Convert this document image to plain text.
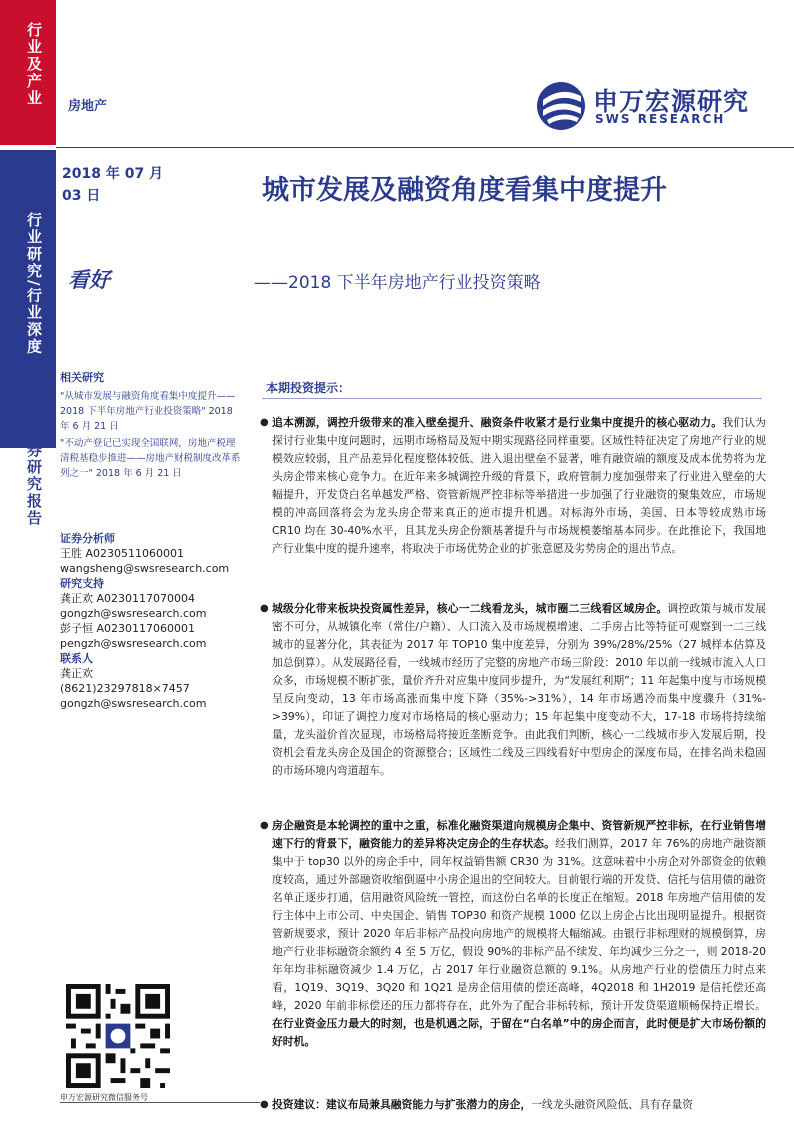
行业及产业
行业研究/行业深度
证券研究报告
房地产	申万宏源研究
SWS RESEARCH
2018 年 07 月 03 日	城市发展及融资角度看集中度提升
看好	——2018 下半年房地产行业投资策略
相关研究
"从城市发展与融资角度看集中度提升——2018 下半年房地产行业投资策略" 2018 年 6 月 21 日
"不动产登记已实现全国联网，房地产税理清税基稳步推进——房地产财税制度改革系列之一" 2018 年 6 月 21 日
证券分析师
王胜 A0230511060001
wangsheng@swsresearch.com
研究支持
龚正欢 A0230117070004
gongzh@swsresearch.com
彭子恒 A0230117060001
pengzh@swsresearch.com
联系人
龚正欢
(8621)23297818×7457
gongzh@swsresearch.com
申万宏源研究微信服务号
本期投资提示：
● 追本溯源，调控升级带来的准入壁垒提升、融资条件收紧才是行业集中度提升的核心驱动力。我们认为探讨行业集中度问题时，远期市场格局及短中期实现路径同样重要。区域性特征决定了房地产行业的规模效应较弱，且产品差异化程度整体较低、进入退出壁垒不显著，唯有融资端的额度及成本优势将为龙头房企带来核心竞争力。在近年来多城调控升级的背景下，政府管制力度加强带来了行业进入壁垒的大幅提升，开发贷白名单越发严格、资管新规严控非标等举措进一步加强了行业融资的聚集效应，市场规模的冲高回落将会为龙头房企带来真正的逆市提升机遇。对标海外市场，美国、日本等较成熟市场 CR10 均在 30-40%水平，且其龙头房企份额基著提升与市场规模萎缩基本同步。在此推论下，我国地产行业集中度的提升速率，将取决于市场优势企业的扩张意愿及劣势房企的退出节点。
● 城级分化带来板块投资属性差异，核心一二线看龙头，城市圈二三线看区域房企。调控政策与城市发展密不可分，从城镇化率（常住/户籍）、人口流入及市场规模增速、二手房占比等特征可观察到一二三线城市的显著分化，其表征为 2017 年 TOP10 集中度差异，分别为 39%/28%/25%（27 城样本估算及加总倒算）。从发展路径看，一线城市经历了完整的房地产市场三阶段：2010 年以前一线城市流入人口众多，市场规模不断扩张，量价齐升对应集中度同步提升，为“发展红利期”；11 年起集中度与市场规模呈反向变动，13 年市场高涨而集中度下降（35%->31%），14 年市场遇冷而集中度骤升（31%->39%），印证了调控力度对市场格局的核心驱动力；15 年起集中度变动不大，17-18 市场将持续缩量，龙头溢价首次显现，市场格局将接近垄断竞争。由此我们判断，核心一二线城市步入发展后期，投资机会看龙头房企及国企的资源整合；区域性二线及三四线看好中型房企的深度布局，在排名尚未稳固的市场环境内弯道超车。
● 房企融资是本轮调控的重中之重，标准化融资渠道向规模房企集中、资管新规严控非标，在行业销售增速下行的背景下，融资能力的差异将决定房企的生存状态。经我们测算，2017 年 76%的房地产融资额集中于 top30 以外的房企手中，同年权益销售额 CR30 为 31%。这意味着中小房企对外部资金的依赖度较高，通过外部融资收缩倒逼中小房企退出的空间较大。目前银行端的开发贷、信托与信用债的融资名单正逐步打通，信用融资风险统一管控，而这份白名单的长度正在缩短。2018 年房地产信用债的发行主体中上市公司、中央国企、销售 TOP30 和资产规模 1000 亿以上房企占比出现明显提升。根据资管新规要求，预计 2020 年后非标产品投向房地产的规模将大幅缩减。由银行非标理财的规模倒算，房地产行业非标融资余额约 4 至 5 万亿，假设 90%的非标产品不续发、年均减少三分之一，则 2018-20 年年均非标融资减少 1.4 万亿，占 2017 年行业融资总额的 9.1%。从房地产行业的偿债压力时点来看，1Q19、3Q19、3Q20 和 1Q21 是房企信用债的偿还高峰，4Q2018 和 1H2019 是信托偿还高峰，2020 年前非标偿还的压力都将存在，此外为了配合非标转标，预计开发贷渠道顺畅保持正增长。在行业资金压力最大的时刻，也是机遇之际，于留在“白名单”中的房企而言，此时便是扩大市场份额的好时机。
● 投资建议：建议布局兼具融资能力与扩张潜力的房企，一线龙头融资风险低、具有存量资
